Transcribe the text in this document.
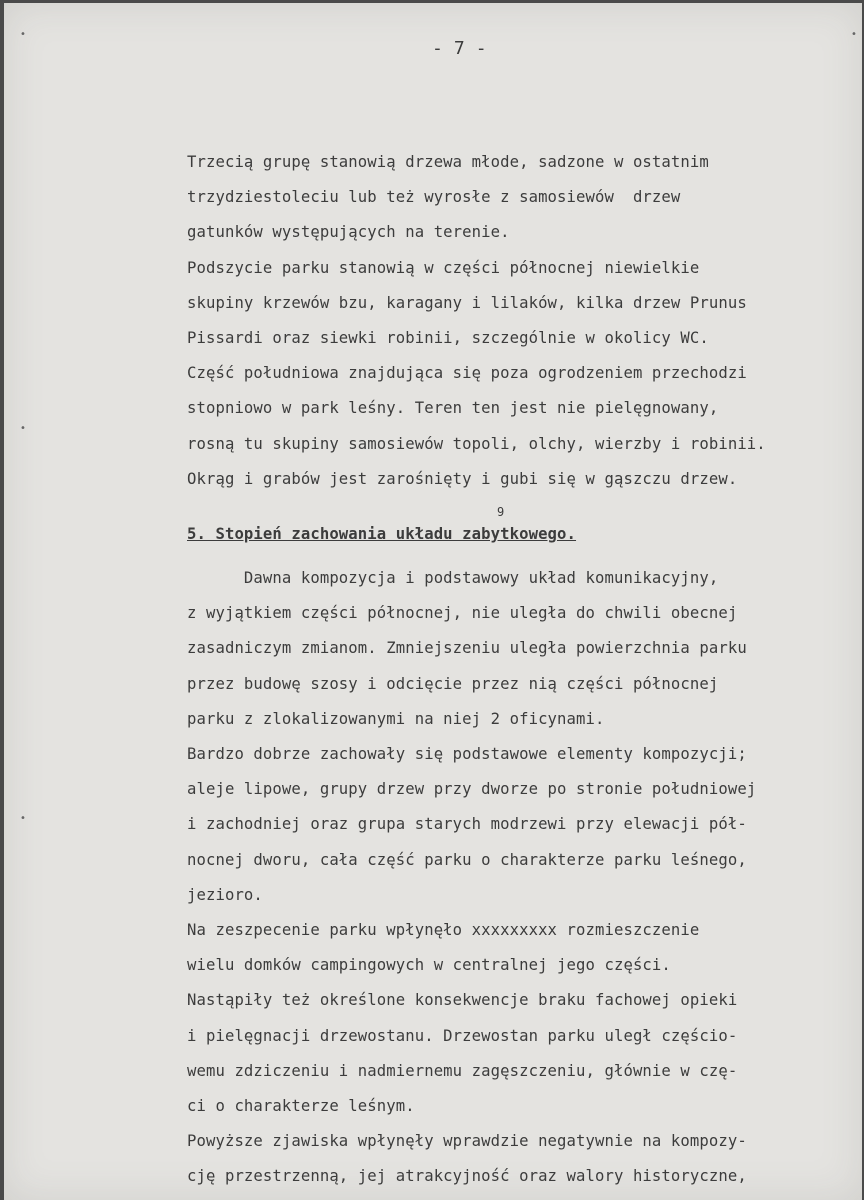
•
•
•
•
- 7 -
Trzecią grupę stanowią drzewa młode, sadzone w ostatnim
trzydziestoleciu lub też wyrosłe z samosiewów  drzew
gatunków występujących na terenie.
Podszycie parku stanowią w części północnej niewielkie
skupiny krzewów bzu, karagany i lilaków, kilka drzew Prunus
Pissardi oraz siewki robinii, szczególnie w okolicy WC.
Część południowa znajdująca się poza ogrodzeniem przechodzi
stopniowo w park leśny. Teren ten jest nie pielęgnowany,
rosną tu skupiny samosiewów topoli, olchy, wierzby i robinii.
Okrąg i grabów jest zarośnięty i gubi się w gąszczu drzew.
9
5. Stopień zachowania układu zabytkowego.
Dawna kompozycja i podstawowy układ komunikacyjny,
z wyjątkiem części północnej, nie uległa do chwili obecnej
zasadniczym zmianom. Zmniejszeniu uległa powierzchnia parku
przez budowę szosy i odcięcie przez nią części północnej
parku z zlokalizowanymi na niej 2 oficynami.
Bardzo dobrze zachowały się podstawowe elementy kompozycji;
aleje lipowe, grupy drzew przy dworze po stronie południowej
i zachodniej oraz grupa starych modrzewi przy elewacji pół-
nocnej dworu, cała część parku o charakterze parku leśnego,
jezioro.
Na zeszpecenie parku wpłynęło xxxxxxxxx rozmieszczenie
wielu domków campingowych w centralnej jego części.
Nastąpiły też określone konsekwencje braku fachowej opieki
i pielęgnacji drzewostanu. Drzewostan parku uległ częścio-
wemu zdziczeniu i nadmiernemu zagęszczeniu, głównie w czę-
ci o charakterze leśnym.
Powyższe zjawiska wpłynęły wprawdzie negatywnie na kompozy-
cję przestrzenną, jej atrakcyjność oraz walory historyczne,
